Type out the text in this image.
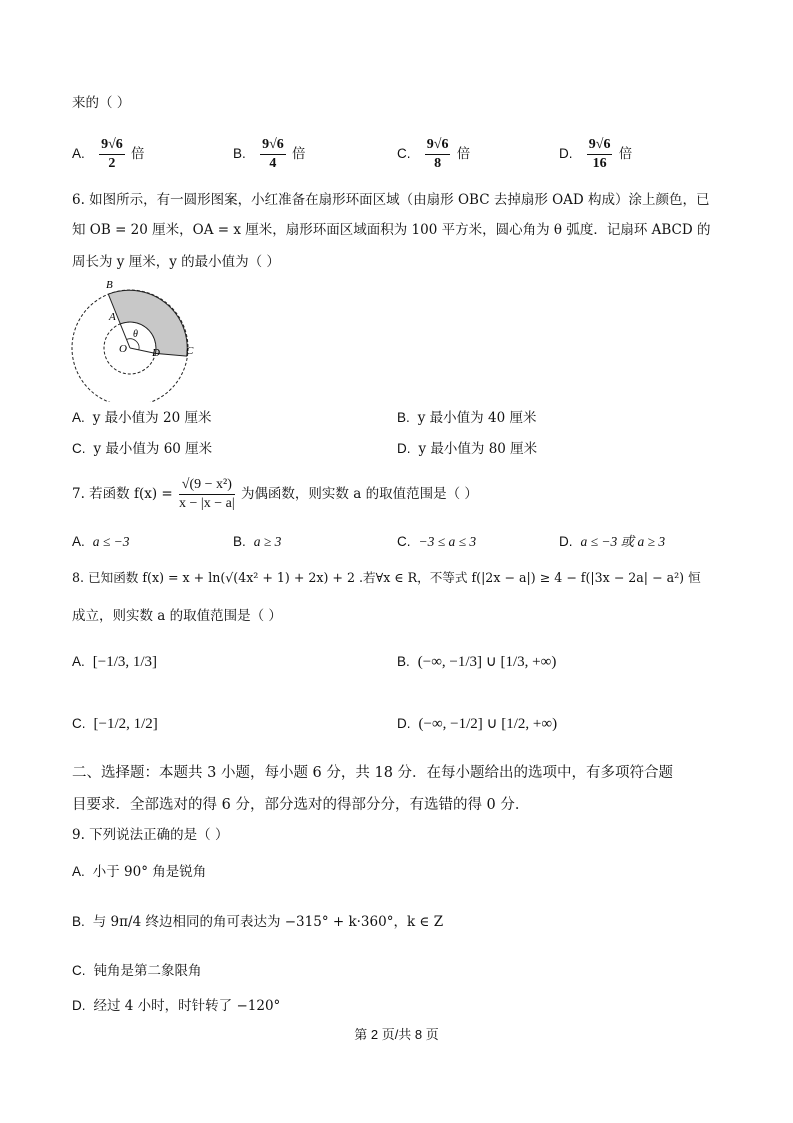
来的（ ）
A. $\frac{9√6}{2}$ 倍	B. $\frac{9√6}{4}$ 倍	C. $\frac{9√6}{8}$ 倍	D. $\frac{9√6}{16}$ 倍
6. 如图所示，有一圆形图案，小红准备在扇形环面区域（由扇形 OBC 去掉扇形 OAD 构成）涂上颜色，已
知 OB = 20 厘米，OA = x 厘米，扇形环面区域面积为 100 平方米，圆心角为 θ 弧度．记扇环 ABCD 的
周长为 y 厘米，y 的最小值为（ ）
B
A
θ
O D C
A. y 最小值为 20 厘米	B. y 最小值为 40 厘米
C. y 最小值为 60 厘米	D. y 最小值为 80 厘米
7. 若函数 $f(x) = \frac{\text{√(9 − x²)}}{x - |x - a|}$ 为偶函数，则实数 a 的取值范围是（ ）
A. a ≤ −3	B. a ≥ 3	C. −3 ≤ a ≤ 3	D. a ≤ −3 或 a ≥ 3
8. 已知函数 f(x) = x + ln(√(4x² + 1) + 2x) + 2 .若∀x ∈ R，不等式 f(|2x − a|) ≥ 4 − f(|3x − 2a| − a²) 恒
成立，则实数 a 的取值范围是（ ）
A. [−1/3, 1/3]	B. (−∞, −1/3] ∪ [1/3, +∞)
C. [−1/2, 1/2]	D. (−∞, −1/2] ∪ [1/2, +∞)
二、选择题：本题共 3 小题，每小题 6 分，共 18 分．在每小题给出的选项中，有多项符合题
目要求．全部选对的得 6 分，部分选对的得部分分，有选错的得 0 分．
9. 下列说法正确的是（ ）
A. 小于 90° 角是锐角
B. 与 9π/4 终边相同的角可表达为 −315° + k·360°，k ∈ Z
C. 钝角是第二象限角
D. 经过 4 小时，时针转了 −120°
第 2 页/共 8 页
